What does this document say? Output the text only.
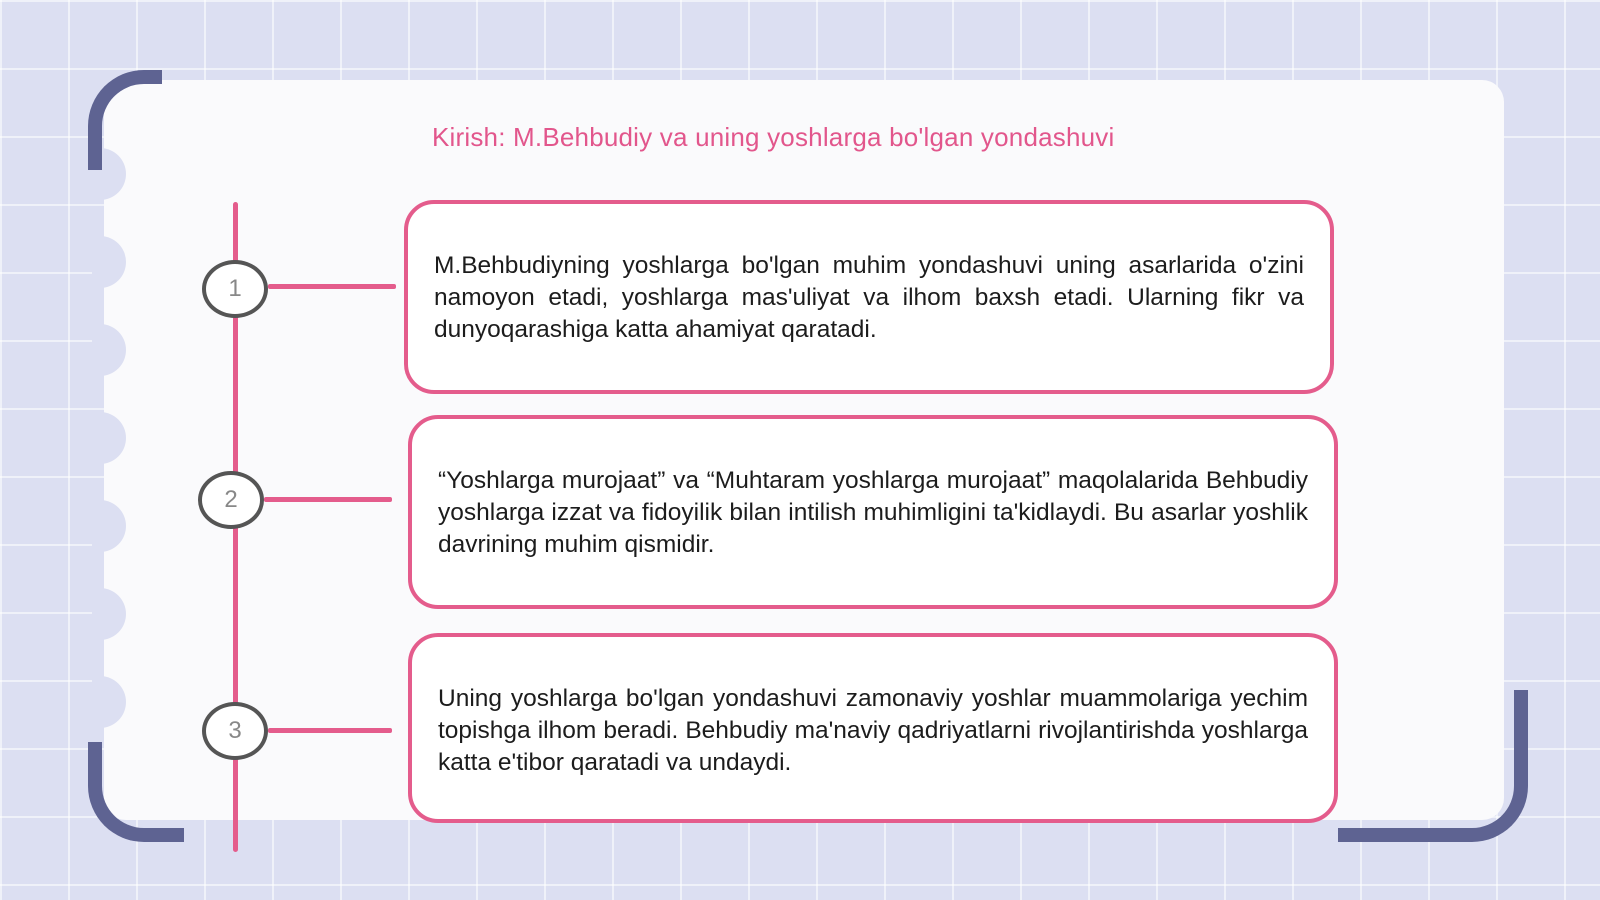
Kirish: M.Behbudiy va uning yoshlarga bo'lgan yondashuvi
1

M.Behbudiyning yoshlarga bo'lgan muhim yondashuvi uning asarlarida o'zini namoyon etadi, yoshlarga mas'uliyat va ilhom baxsh etadi. Ularning fikr va dunyoqarashiga katta ahamiyat qaratadi.

2

“Yoshlarga murojaat” va “Muhtaram yoshlarga murojaat” maqolalarida Behbudiy yoshlarga izzat va fidoyilik bilan intilish muhimligini ta'kidlaydi. Bu asarlar yoshlik davrining muhim qismidir.

3

Uning yoshlarga bo'lgan yondashuvi zamonaviy yoshlar muammolariga yechim topishga ilhom beradi. Behbudiy ma'naviy qadriyatlarni rivojlantirishda yoshlarga katta e'tibor qaratadi va undaydi.
